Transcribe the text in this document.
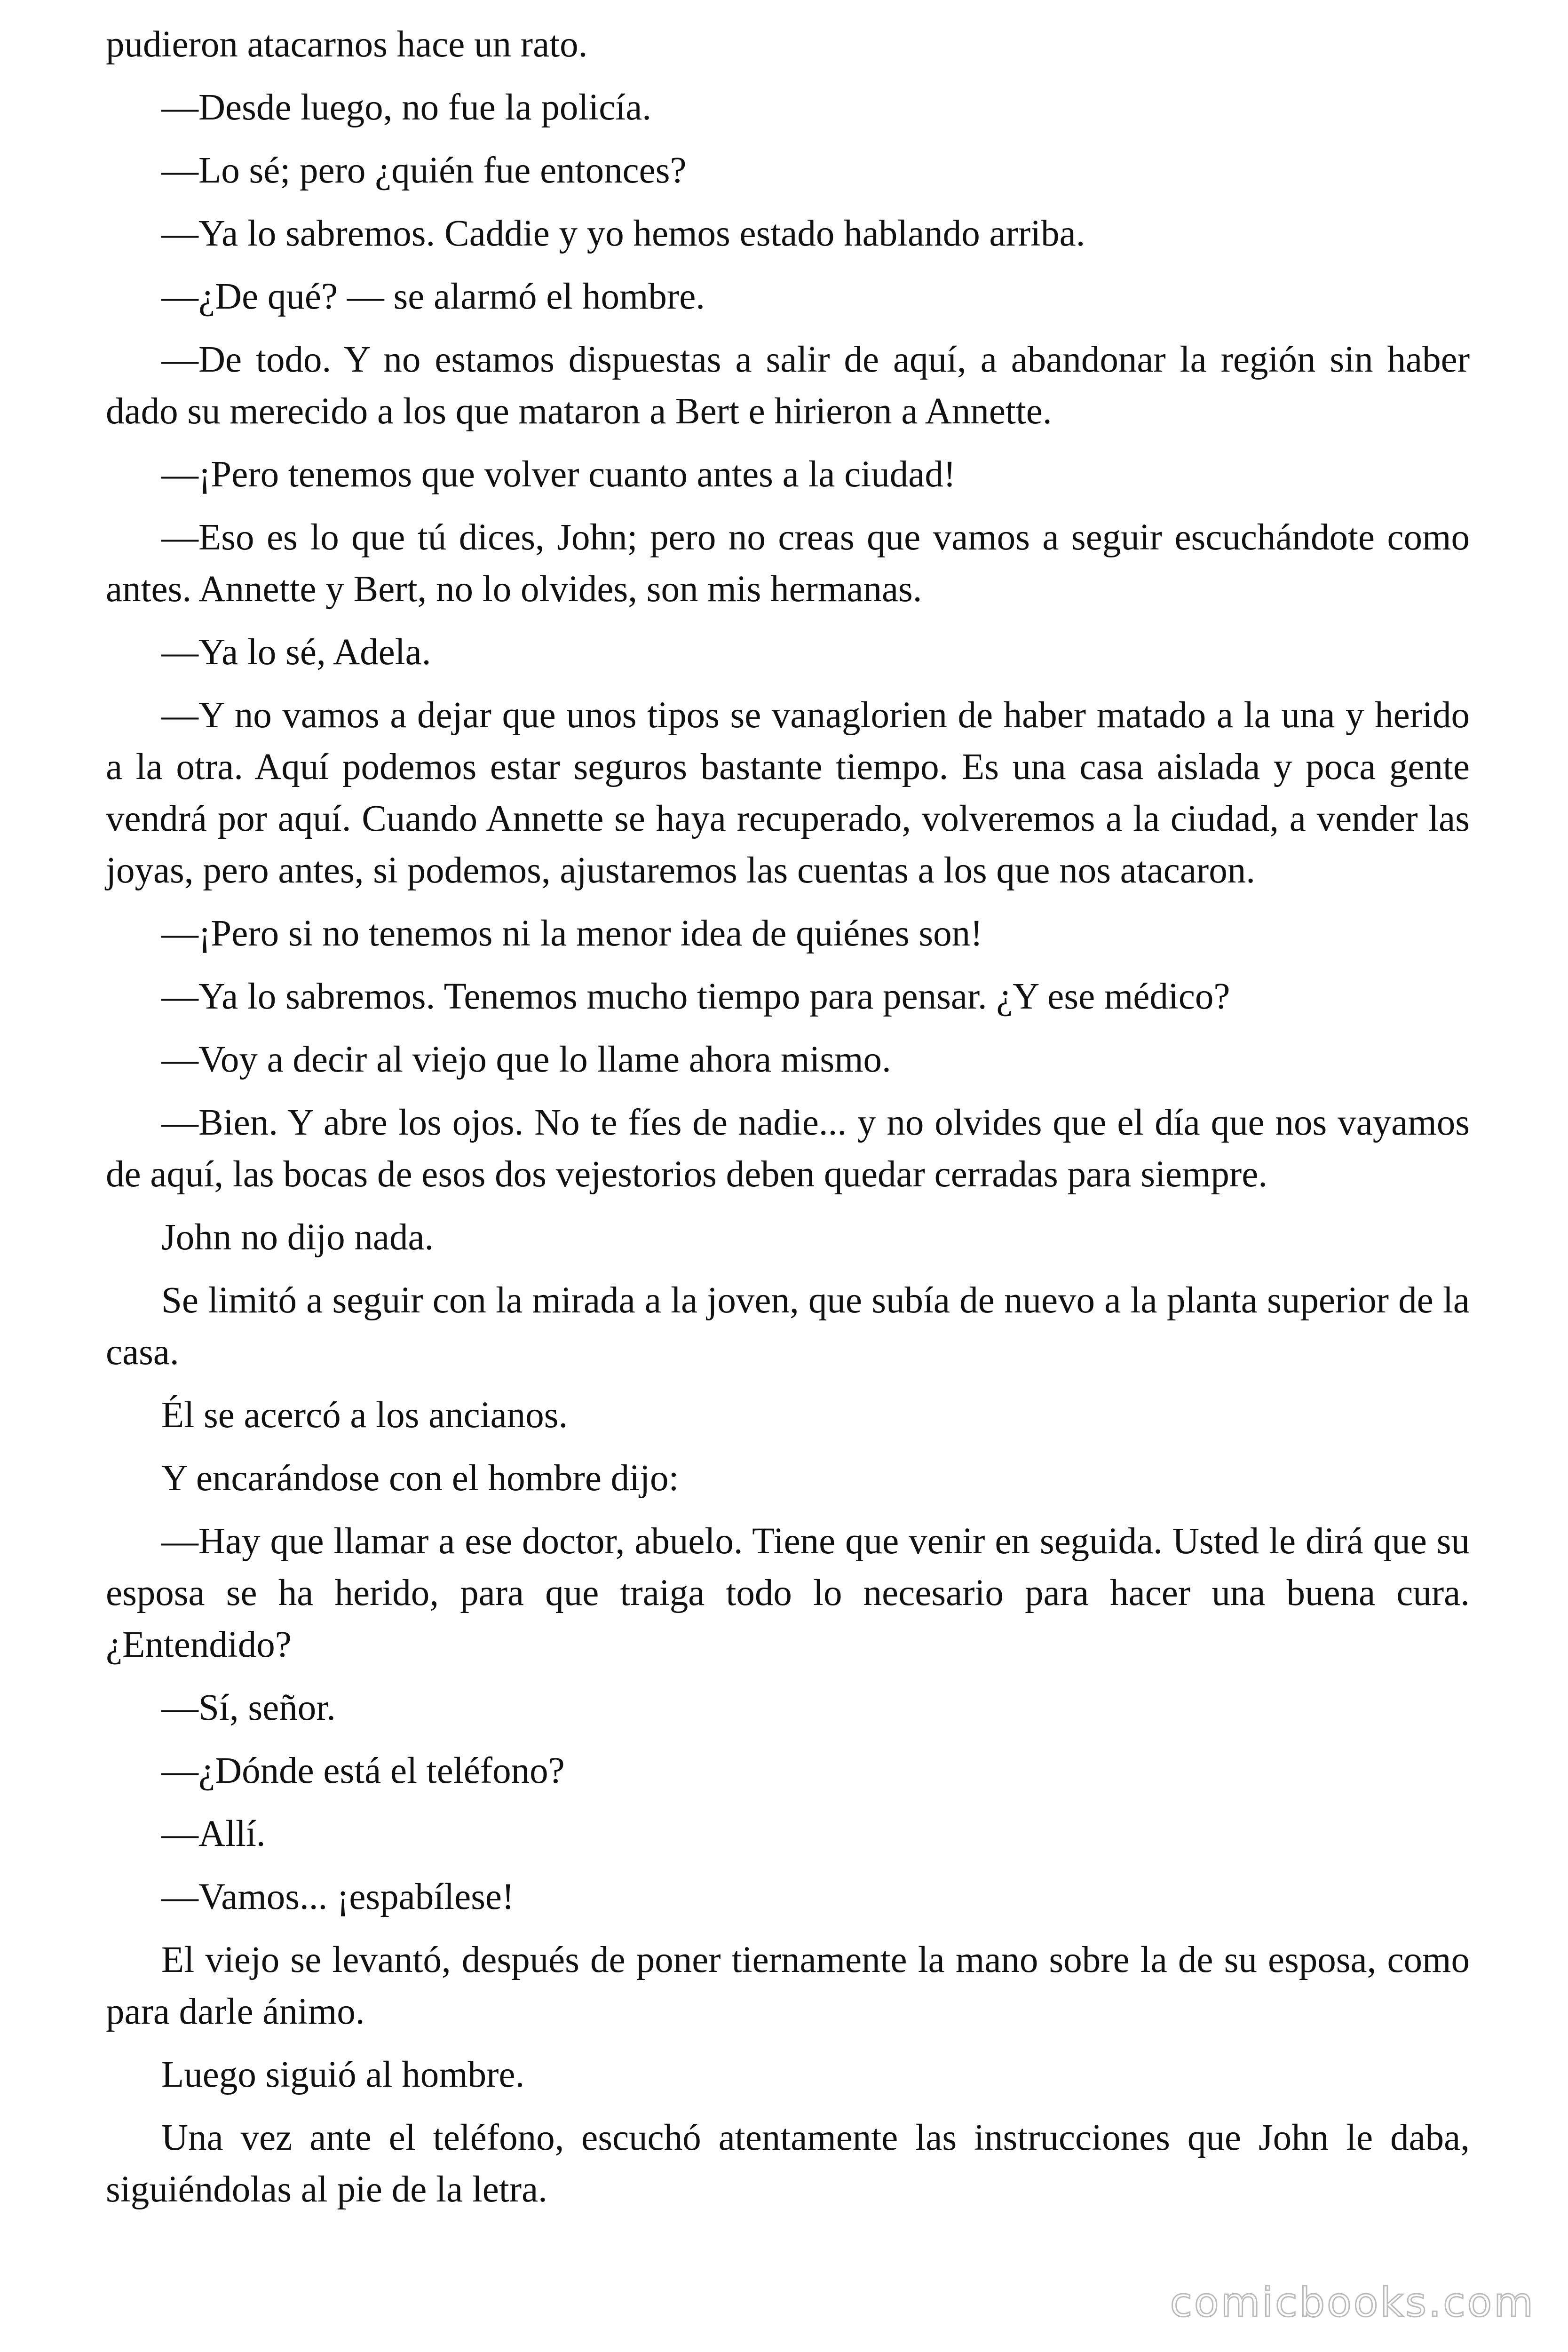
pudieron atacarnos hace un rato.

—Desde luego, no fue la policía.

—Lo sé; pero ¿quién fue entonces?

—Ya lo sabremos. Caddie y yo hemos estado hablando arriba.

—¿De qué? — se alarmó el hombre.

—De todo. Y no estamos dispuestas a salir de aquí, a abandonar la región sin haber dado su merecido a los que mataron a Bert e hirieron a Annette.

—¡Pero tenemos que volver cuanto antes a la ciudad!

—Eso es lo que tú dices, John; pero no creas que vamos a seguir escuchándote como antes. Annette y Bert, no lo olvides, son mis hermanas.

—Ya lo sé, Adela.

—Y no vamos a dejar que unos tipos se vanaglorien de haber matado a la una y herido a la otra. Aquí podemos estar seguros bastante tiempo. Es una casa aislada y poca gente vendrá por aquí. Cuando Annette se haya recuperado, volveremos a la ciudad, a vender las joyas, pero antes, si podemos, ajustaremos las cuentas a los que nos atacaron.

—¡Pero si no tenemos ni la menor idea de quiénes son!

—Ya lo sabremos. Tenemos mucho tiempo para pensar. ¿Y ese médico?

—Voy a decir al viejo que lo llame ahora mismo.

—Bien. Y abre los ojos. No te fíes de nadie... y no olvides que el día que nos vayamos de aquí, las bocas de esos dos vejestorios deben quedar cerradas para siempre.

John no dijo nada.

Se limitó a seguir con la mirada a la joven, que subía de nuevo a la planta superior de la casa.

Él se acercó a los ancianos.

Y encarándose con el hombre dijo:

—Hay que llamar a ese doctor, abuelo. Tiene que venir en seguida. Usted le dirá que su esposa se ha herido, para que traiga todo lo necesario para hacer una buena cura. ¿Entendido?

—Sí, señor.

—¿Dónde está el teléfono?

—Allí.

—Vamos... ¡espabílese!

El viejo se levantó, después de poner tiernamente la mano sobre la de su esposa, como para darle ánimo.

Luego siguió al hombre.

Una vez ante el teléfono, escuchó atentamente las instrucciones que John le daba, siguiéndolas al pie de la letra.

comicbooks.com
